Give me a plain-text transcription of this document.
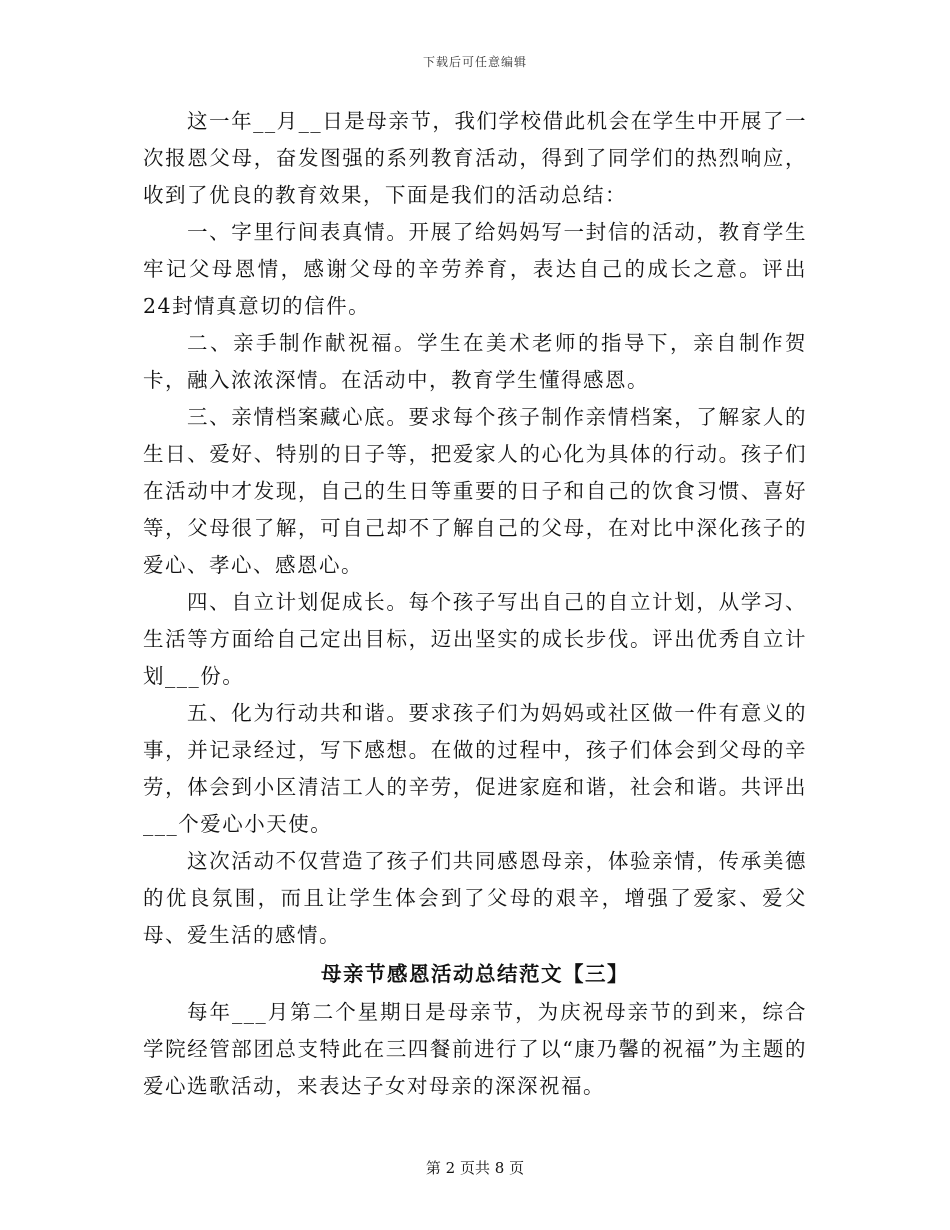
下载后可任意编辑

这一年__月__日是母亲节，我们学校借此机会在学生中开展了一次报恩父母，奋发图强的系列教育活动，得到了同学们的热烈响应，收到了优良的教育效果，下面是我们的活动总结：

一、字里行间表真情。开展了给妈妈写一封信的活动，教育学生牢记父母恩情，感谢父母的辛劳养育，表达自己的成长之意。评出24封情真意切的信件。

二、亲手制作献祝福。学生在美术老师的指导下，亲自制作贺卡，融入浓浓深情。在活动中，教育学生懂得感恩。

三、亲情档案藏心底。要求每个孩子制作亲情档案，了解家人的生日、爱好、特别的日子等，把爱家人的心化为具体的行动。孩子们在活动中才发现，自己的生日等重要的日子和自己的饮食习惯、喜好等，父母很了解，可自己却不了解自己的父母，在对比中深化孩子的爱心、孝心、感恩心。

四、自立计划促成长。每个孩子写出自己的自立计划，从学习、生活等方面给自己定出目标，迈出坚实的成长步伐。评出优秀自立计划___份。

五、化为行动共和谐。要求孩子们为妈妈或社区做一件有意义的事，并记录经过，写下感想。在做的过程中，孩子们体会到父母的辛劳，体会到小区清洁工人的辛劳，促进家庭和谐，社会和谐。共评出___个爱心小天使。

这次活动不仅营造了孩子们共同感恩母亲，体验亲情，传承美德的优良氛围，而且让学生体会到了父母的艰辛，增强了爱家、爱父母、爱生活的感情。

母亲节感恩活动总结范文【三】

每年___月第二个星期日是母亲节，为庆祝母亲节的到来，综合学院经管部团总支特此在三四餐前进行了以“康乃馨的祝福”为主题的爱心选歌活动，来表达子女对母亲的深深祝福。

第 2 页共 8 页
